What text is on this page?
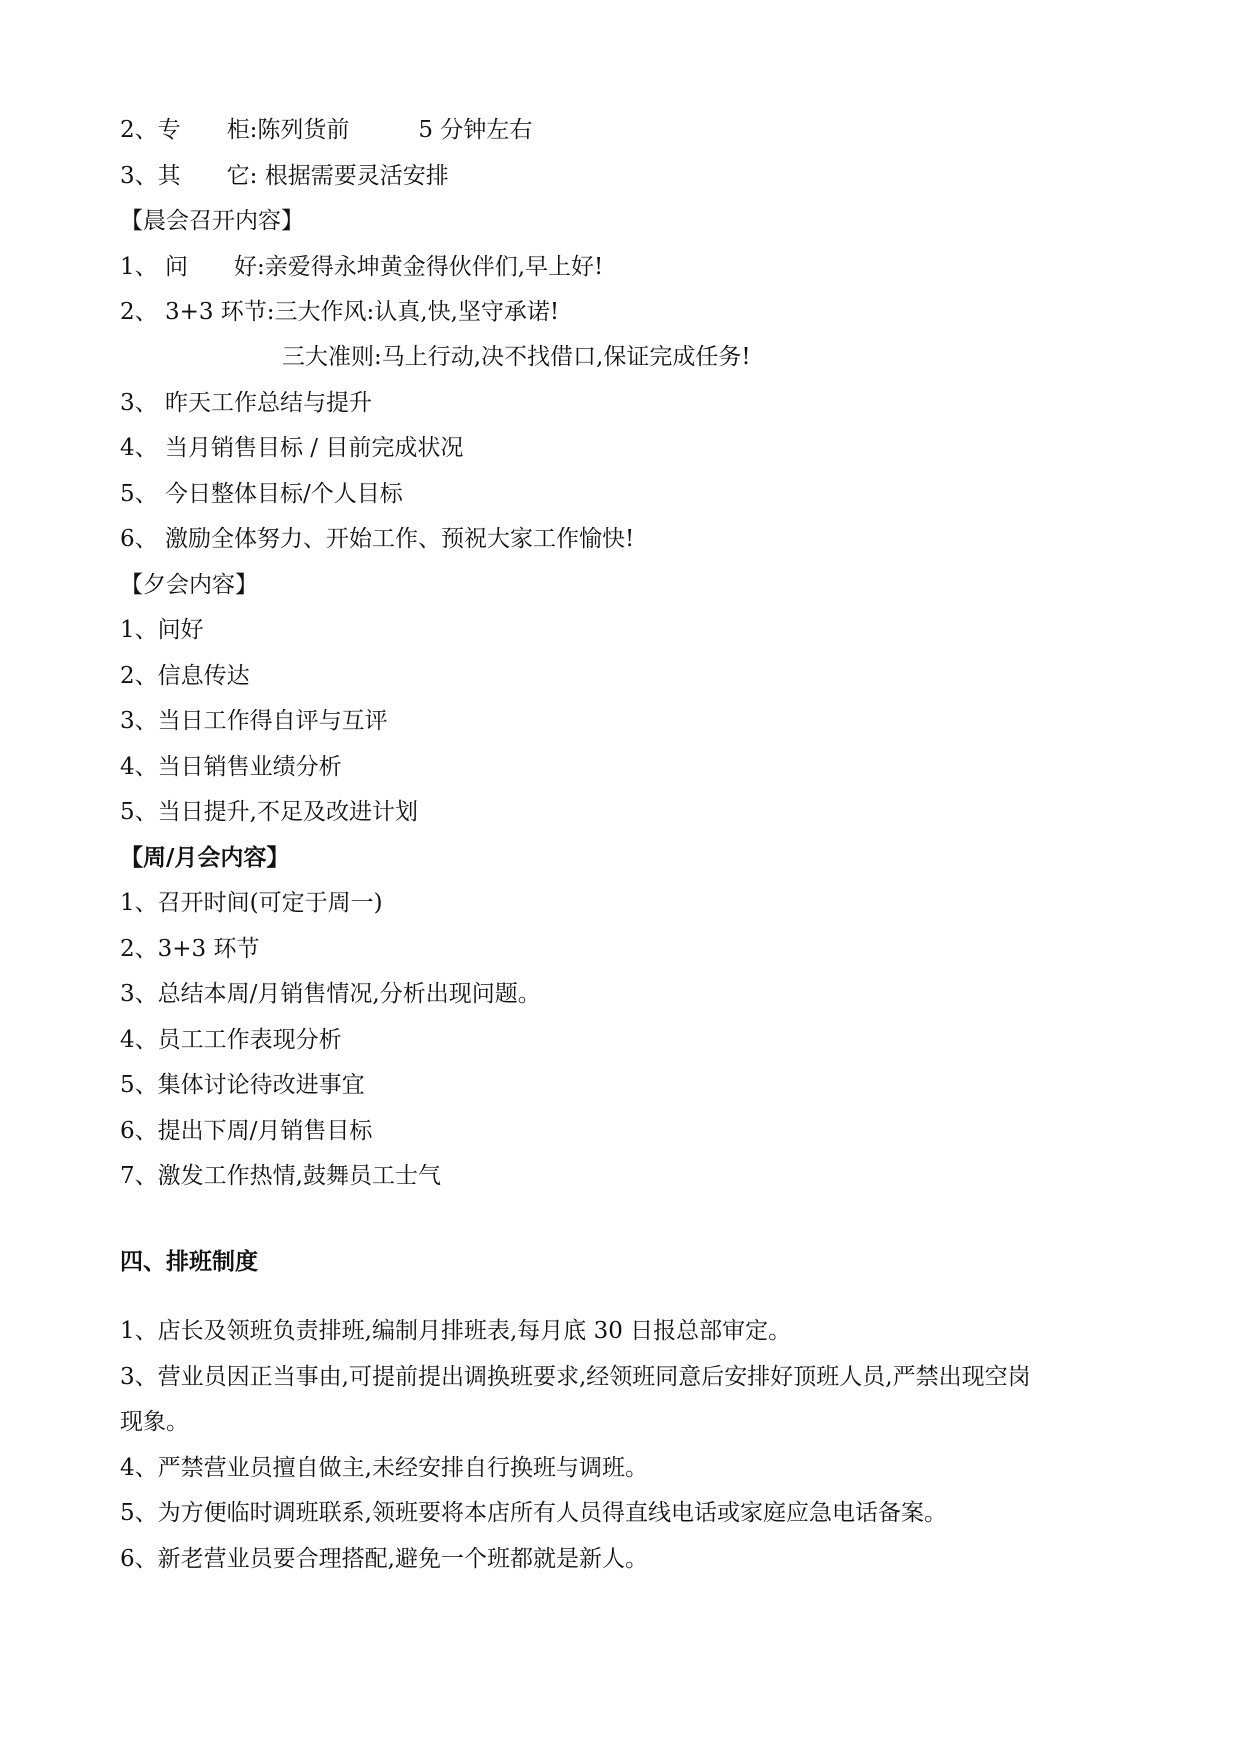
2、专　　柜:陈列货前　　　5 分钟左右
3、其　　它: 根据需要灵活安排
【晨会召开内容】
1、 问　　好:亲爱得永坤黄金得伙伴们,早上好!
2、 3+3 环节:三大作风:认真,快,坚守承诺!
三大准则:马上行动,决不找借口,保证完成任务!
3、 昨天工作总结与提升
4、 当月销售目标 / 目前完成状况
5、 今日整体目标/个人目标
6、 激励全体努力、开始工作、预祝大家工作愉快!
【夕会内容】
1、问好
2、信息传达
3、当日工作得自评与互评
4、当日销售业绩分析
5、当日提升,不足及改进计划
【周/月会内容】
1、召开时间(可定于周一)
2、3+3 环节
3、总结本周/月销售情况,分析出现问题。
4、员工工作表现分析
5、集体讨论待改进事宜
6、提出下周/月销售目标
7、激发工作热情,鼓舞员工士气
四、排班制度
1、店长及领班负责排班,编制月排班表,每月底 30 日报总部审定。
3、营业员因正当事由,可提前提出调换班要求,经领班同意后安排好顶班人员,严禁出现空岗
现象。
4、严禁营业员擅自做主,未经安排自行换班与调班。
5、为方便临时调班联系,领班要将本店所有人员得直线电话或家庭应急电话备案。
6、新老营业员要合理搭配,避免一个班都就是新人。
